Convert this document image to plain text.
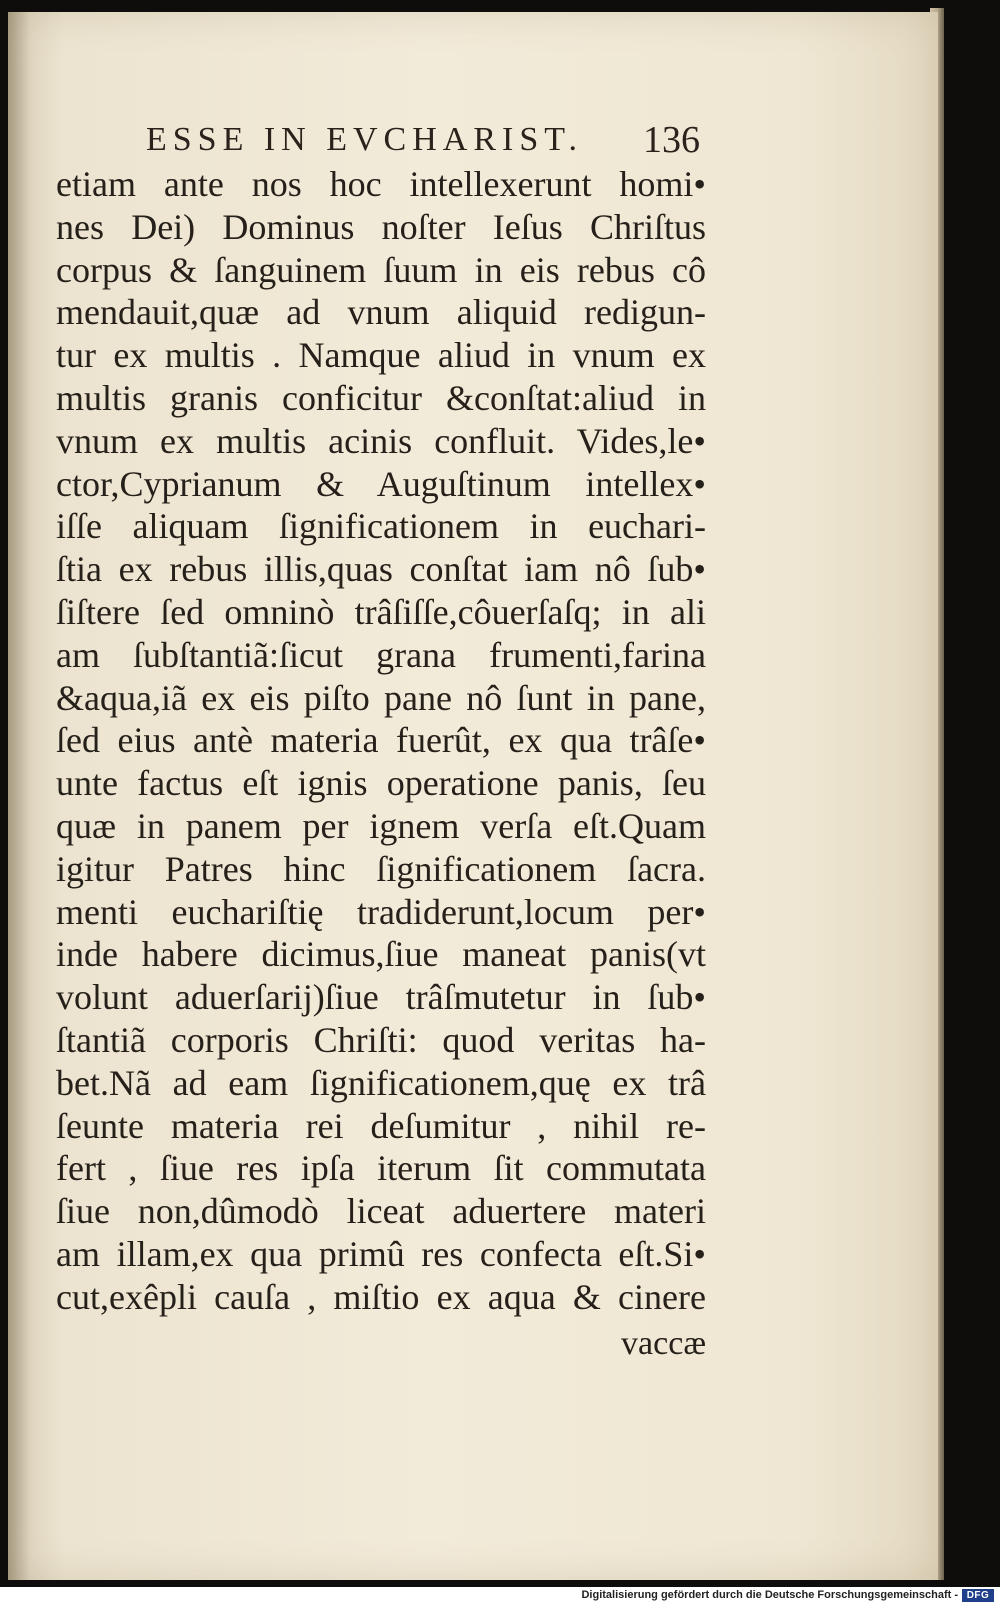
ESSE IN EVCHARIST. 136
etiam ante nos hoc intellexerunt homi•
nes Dei) Dominus noſter Ieſus Chriſtus
corpus & ſanguinem ſuum in eis rebus cô
mendauit,quæ ad vnum aliquid redigun-
tur ex multis . Namque aliud in vnum ex
multis granis conficitur &conſtat:aliud in
vnum ex multis acinis confluit. Vides,le•
ctor,Cyprianum & Auguſtinum intellex•
iſſe aliquam ſignificationem in euchari-
ſtia ex rebus illis,quas conſtat iam nô ſub•
ſiſtere ſed omninò trâſiſſe,côuerſaſq; in ali
am ſubſtantiã:ſicut grana frumenti,farina
&aqua,iã ex eis piſto pane nô ſunt in pane,
ſed eius antè materia fuerût, ex qua trâſe•
unte factus eſt ignis operatione panis, ſeu
quæ in panem per ignem verſa eſt.Quam
igitur Patres hinc ſignificationem ſacra.
menti euchariſtię tradiderunt,locum per•
inde habere dicimus,ſiue maneat panis(vt
volunt aduerſarij)ſiue trâſmutetur in ſub•
ſtantiã corporis Chriſti: quod veritas ha-
bet.Nã ad eam ſignificationem,quę ex trâ
ſeunte materia rei deſumitur , nihil re-
fert , ſiue res ipſa iterum ſit commutata
ſiue non,dûmodò liceat aduertere materi
am illam,ex qua primû res confecta eſt.Si•
cut,exêpli cauſa , miſtio ex aqua & cinere
vaccæ
Digitalisierung gefördert durch die Deutsche Forschungsgemeinschaft - DFG
